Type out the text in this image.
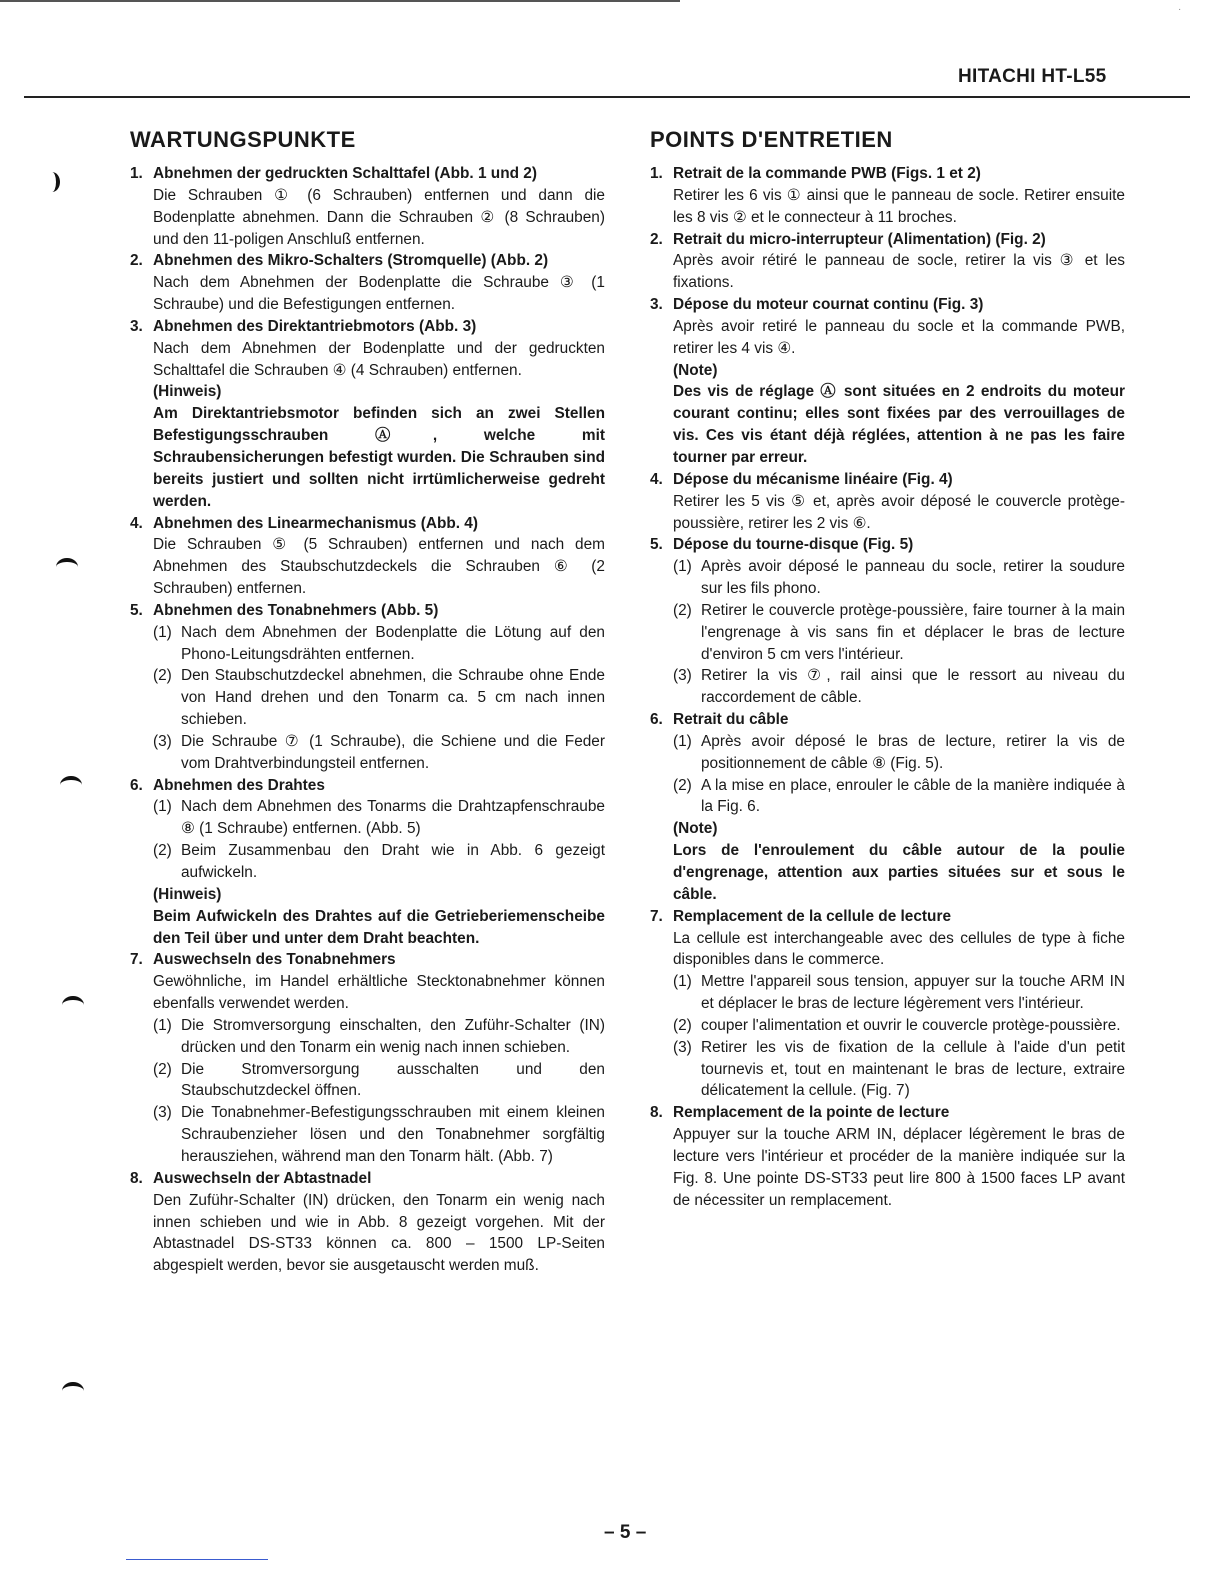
·
HITACHI HT-L55
WARTUNGSPUNKTE
1. Abnehmen der gedruckten Schalttafel (Abb. 1 und 2)
Die Schrauben ① (6 Schrauben) entfernen und dann die Bodenplatte abnehmen. Dann die Schrauben ② (8 Schrauben) und den 11-poligen Anschluß entfernen.
2. Abnehmen des Mikro-Schalters (Stromquelle) (Abb. 2)
Nach dem Abnehmen der Bodenplatte die Schraube ③ (1 Schraube) und die Befestigungen entfernen.
3. Abnehmen des Direktantriebmotors (Abb. 3)
Nach dem Abnehmen der Bodenplatte und der gedruckten Schalttafel die Schrauben ④ (4 Schrauben) entfernen.
(Hinweis)
Am Direktantriebsmotor befinden sich an zwei Stellen Befestigungsschrauben Ⓐ, welche mit Schraubensicherungen befestigt wurden. Die Schrauben sind bereits justiert und sollten nicht irrtümlicherweise gedreht werden.
4. Abnehmen des Linearmechanismus (Abb. 4)
Die Schrauben ⑤ (5 Schrauben) entfernen und nach dem Abnehmen des Staubschutzdeckels die Schrauben ⑥ (2 Schrauben) entfernen.
5. Abnehmen des Tonabnehmers (Abb. 5)
(1) Nach dem Abnehmen der Bodenplatte die Lötung auf den Phono-Leitungsdrähten entfernen.
(2) Den Staubschutzdeckel abnehmen, die Schraube ohne Ende von Hand drehen und den Tonarm ca. 5 cm nach innen schieben.
(3) Die Schraube ⑦ (1 Schraube), die Schiene und die Feder vom Drahtverbindungsteil entfernen.
6. Abnehmen des Drahtes
(1) Nach dem Abnehmen des Tonarms die Drahtzapfenschraube ⑧ (1 Schraube) entfernen. (Abb. 5)
(2) Beim Zusammenbau den Draht wie in Abb. 6 gezeigt aufwickeln.
(Hinweis)
Beim Aufwickeln des Drahtes auf die Getrieberiemenscheibe den Teil über und unter dem Draht beachten.
7. Auswechseln des Tonabnehmers
Gewöhnliche, im Handel erhältliche Stecktonabnehmer können ebenfalls verwendet werden.
(1) Die Stromversorgung einschalten, den Zuführ-Schalter (IN) drücken und den Tonarm ein wenig nach innen schieben.
(2) Die Stromversorgung ausschalten und den Staubschutzdeckel öffnen.
(3) Die Tonabnehmer-Befestigungsschrauben mit einem kleinen Schraubenzieher lösen und den Tonabnehmer sorgfältig herausziehen, während man den Tonarm hält. (Abb. 7)
8. Auswechseln der Abtastnadel
Den Zuführ-Schalter (IN) drücken, den Tonarm ein wenig nach innen schieben und wie in Abb. 8 gezeigt vorgehen. Mit der Abtastnadel DS-ST33 können ca. 800 – 1500 LP-Seiten abgespielt werden, bevor sie ausgetauscht werden muß.
POINTS D'ENTRETIEN
1. Retrait de la commande PWB (Figs. 1 et 2)
Retirer les 6 vis ① ainsi que le panneau de socle. Retirer ensuite les 8 vis ② et le connecteur à 11 broches.
2. Retrait du micro-interrupteur (Alimentation) (Fig. 2)
Après avoir rétiré le panneau de socle, retirer la vis ③ et les fixations.
3. Dépose du moteur cournat continu (Fig. 3)
Après avoir retiré le panneau du socle et la commande PWB, retirer les 4 vis ④.
(Note)
Des vis de réglage Ⓐ sont situées en 2 endroits du moteur courant continu; elles sont fixées par des verrouillages de vis. Ces vis étant déjà réglées, attention à ne pas les faire tourner par erreur.
4. Dépose du mécanisme linéaire (Fig. 4)
Retirer les 5 vis ⑤ et, après avoir déposé le couvercle protège-poussière, retirer les 2 vis ⑥.
5. Dépose du tourne-disque (Fig. 5)
(1) Après avoir déposé le panneau du socle, retirer la soudure sur les fils phono.
(2) Retirer le couvercle protège-poussière, faire tourner à la main l'engrenage à vis sans fin et déplacer le bras de lecture d'environ 5 cm vers l'intérieur.
(3) Retirer la vis ⑦, rail ainsi que le ressort au niveau du raccordement de câble.
6. Retrait du câble
(1) Après avoir déposé le bras de lecture, retirer la vis de positionnement de câble ⑧ (Fig. 5).
(2) A la mise en place, enrouler le câble de la manière indiquée à la Fig. 6.
(Note)
Lors de l'enroulement du câble autour de la poulie d'engrenage, attention aux parties situées sur et sous le câble.
7. Remplacement de la cellule de lecture
La cellule est interchangeable avec des cellules de type à fiche disponibles dans le commerce.
(1) Mettre l'appareil sous tension, appuyer sur la touche ARM IN et déplacer le bras de lecture légèrement vers l'intérieur.
(2) couper l'alimentation et ouvrir le couvercle protège-poussière.
(3) Retirer les vis de fixation de la cellule à l'aide d'un petit tournevis et, tout en maintenant le bras de lecture, extraire délicatement la cellule. (Fig. 7)
8. Remplacement de la pointe de lecture
Appuyer sur la touche ARM IN, déplacer légèrement le bras de lecture vers l'intérieur et procéder de la manière indiquée sur la Fig. 8. Une pointe DS-ST33 peut lire 800 à 1500 faces LP avant de nécessiter un remplacement.
– 5 –
